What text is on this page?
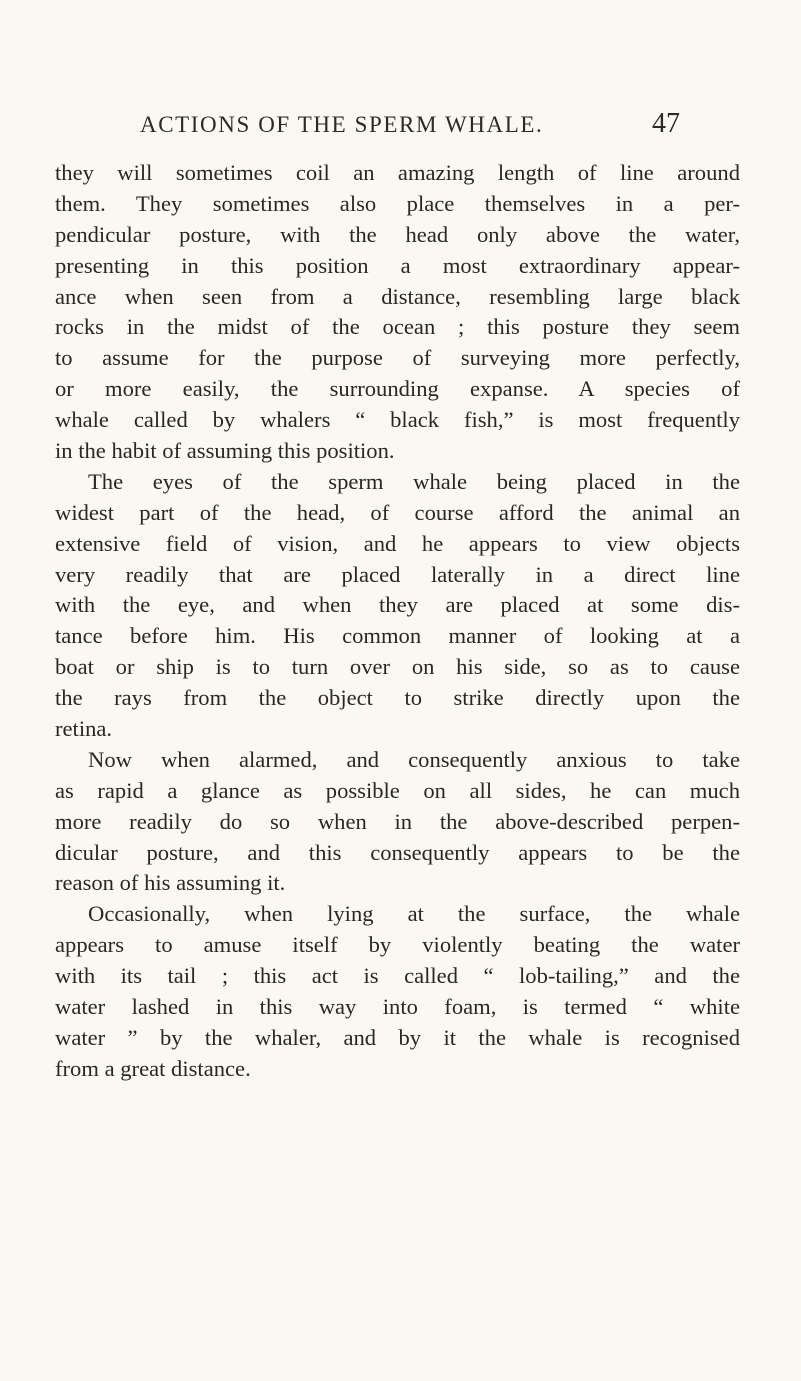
ACTIONS OF THE SPERM WHALE.	47
they will sometimes coil an amazing length of line around
them. They sometimes also place themselves in a per-
pendicular posture, with the head only above the water,
presenting in this position a most extraordinary appear-
ance when seen from a distance, resembling large black
rocks in the midst of the ocean ; this posture they seem
to assume for the purpose of surveying more perfectly,
or more easily, the surrounding expanse. A species of
whale called by whalers “ black fish,” is most frequently
in the habit of assuming this position.
The eyes of the sperm whale being placed in the
widest part of the head, of course afford the animal an
extensive field of vision, and he appears to view objects
very readily that are placed laterally in a direct line
with the eye, and when they are placed at some dis-
tance before him. His common manner of looking at a
boat or ship is to turn over on his side, so as to cause
the rays from the object to strike directly upon the
retina.
Now when alarmed, and consequently anxious to take
as rapid a glance as possible on all sides, he can much
more readily do so when in the above-described perpen-
dicular posture, and this consequently appears to be the
reason of his assuming it.
Occasionally, when lying at the surface, the whale
appears to amuse itself by violently beating the water
with its tail ; this act is called “ lob-tailing,” and the
water lashed in this way into foam, is termed “ white
water ” by the whaler, and by it the whale is recognised
from a great distance.
